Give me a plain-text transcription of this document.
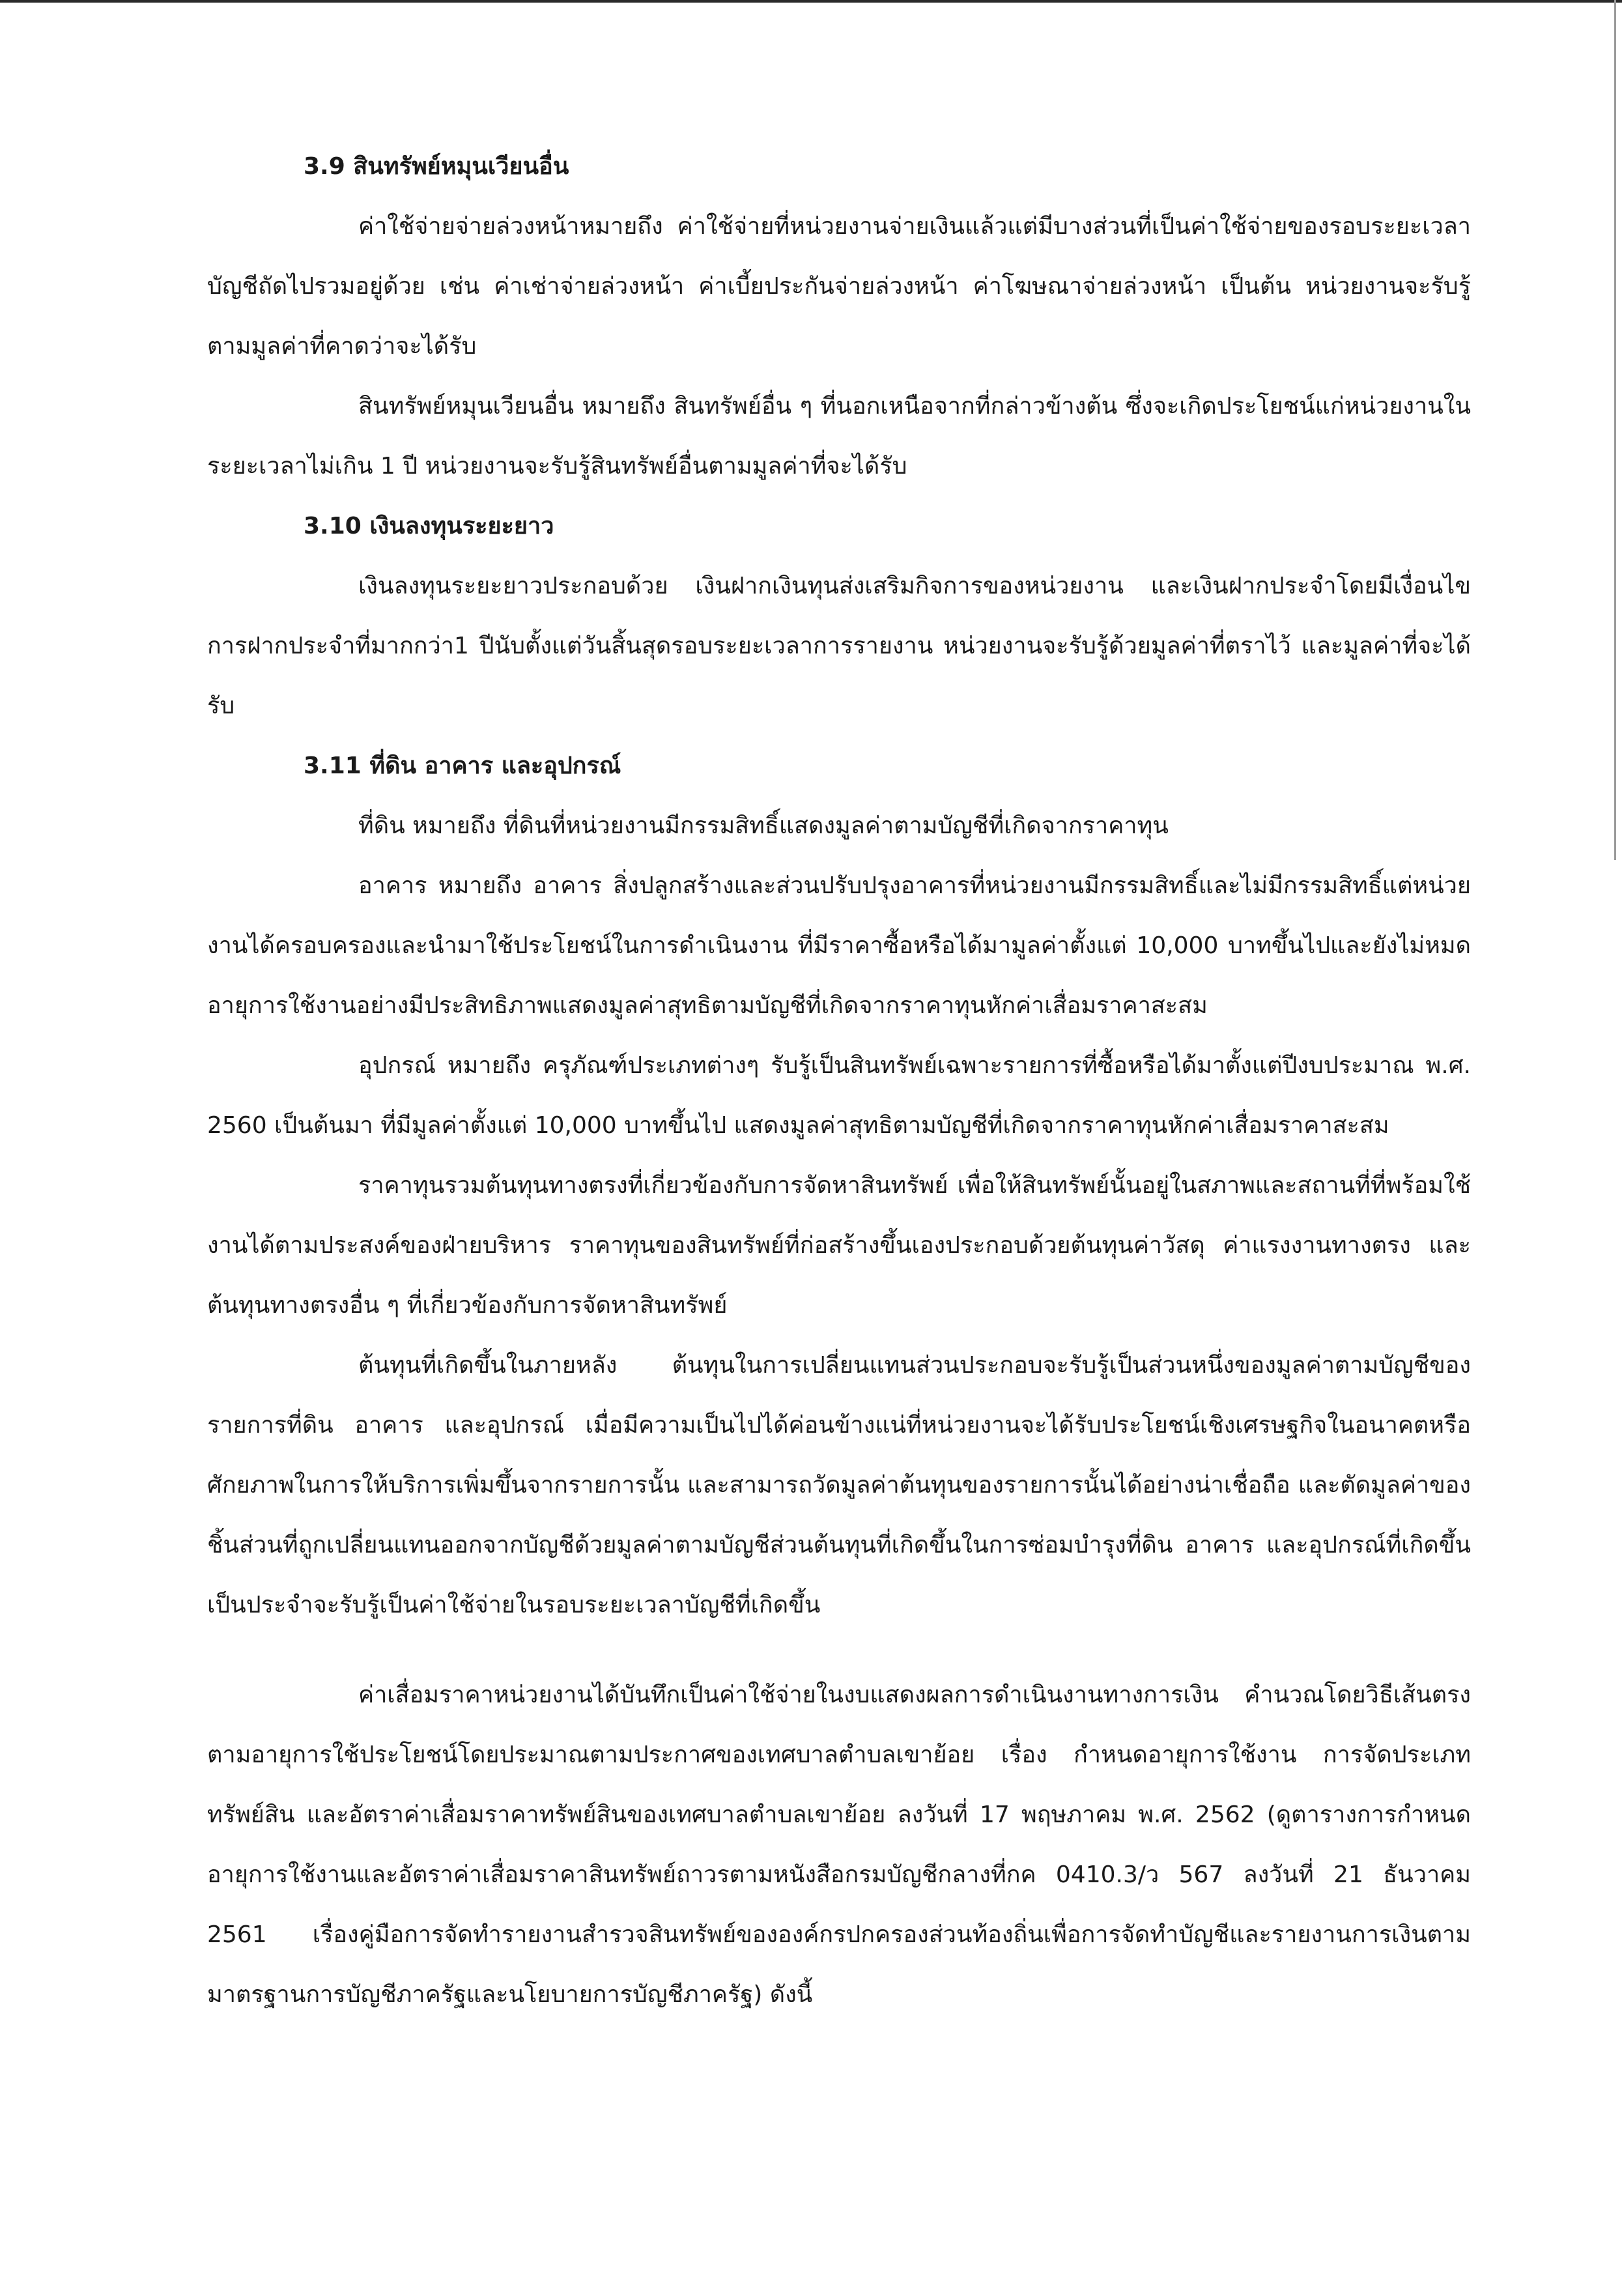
3.9 สินทรัพย์หมุนเวียนอื่น

ค่าใช้จ่ายจ่ายล่วงหน้าหมายถึง ค่าใช้จ่ายที่หน่วยงานจ่ายเงินแล้วแต่มีบางส่วนที่เป็นค่าใช้จ่ายของรอบระยะเวลาบัญชีถัดไปรวมอยู่ด้วย เช่น ค่าเช่าจ่ายล่วงหน้า ค่าเบี้ยประกันจ่ายล่วงหน้า ค่าโฆษณาจ่ายล่วงหน้า เป็นต้น หน่วยงานจะรับรู้ตามมูลค่าที่คาดว่าจะได้รับ

สินทรัพย์หมุนเวียนอื่น หมายถึง สินทรัพย์อื่น ๆ ที่นอกเหนือจากที่กล่าวข้างต้น ซึ่งจะเกิดประโยชน์แก่หน่วยงานในระยะเวลาไม่เกิน 1 ปี หน่วยงานจะรับรู้สินทรัพย์อื่นตามมูลค่าที่จะได้รับ

3.10 เงินลงทุนระยะยาว

เงินลงทุนระยะยาวประกอบด้วย เงินฝากเงินทุนส่งเสริมกิจการของหน่วยงาน และเงินฝากประจำโดยมีเงื่อนไขการฝากประจำที่มากกว่า1 ปีนับตั้งแต่วันสิ้นสุดรอบระยะเวลาการรายงาน หน่วยงานจะรับรู้ด้วยมูลค่าที่ตราไว้ และมูลค่าที่จะได้รับ

3.11 ที่ดิน อาคาร และอุปกรณ์

ที่ดิน หมายถึง ที่ดินที่หน่วยงานมีกรรมสิทธิ์แสดงมูลค่าตามบัญชีที่เกิดจากราคาทุน

อาคาร หมายถึง อาคาร สิ่งปลูกสร้างและส่วนปรับปรุงอาคารที่หน่วยงานมีกรรมสิทธิ์และไม่มีกรรมสิทธิ์แต่หน่วยงานได้ครอบครองและนำมาใช้ประโยชน์ในการดำเนินงาน ที่มีราคาซื้อหรือได้มามูลค่าตั้งแต่ 10,000 บาทขึ้นไปและยังไม่หมดอายุการใช้งานอย่างมีประสิทธิภาพแสดงมูลค่าสุทธิตามบัญชีที่เกิดจากราคาทุนหักค่าเสื่อมราคาสะสม

อุปกรณ์ หมายถึง ครุภัณฑ์ประเภทต่างๆ รับรู้เป็นสินทรัพย์เฉพาะรายการที่ซื้อหรือได้มาตั้งแต่ปีงบประมาณ พ.ศ. 2560 เป็นต้นมา ที่มีมูลค่าตั้งแต่ 10,000 บาทขึ้นไป แสดงมูลค่าสุทธิตามบัญชีที่เกิดจากราคาทุนหักค่าเสื่อมราคาสะสม

ราคาทุนรวมต้นทุนทางตรงที่เกี่ยวข้องกับการจัดหาสินทรัพย์ เพื่อให้สินทรัพย์นั้นอยู่ในสภาพและสถานที่ที่พร้อมใช้งานได้ตามประสงค์ของฝ่ายบริหาร ราคาทุนของสินทรัพย์ที่ก่อสร้างขึ้นเองประกอบด้วยต้นทุนค่าวัสดุ ค่าแรงงานทางตรง และต้นทุนทางตรงอื่น ๆ ที่เกี่ยวข้องกับการจัดหาสินทรัพย์

ต้นทุนที่เกิดขึ้นในภายหลัง ต้นทุนในการเปลี่ยนแทนส่วนประกอบจะรับรู้เป็นส่วนหนึ่งของมูลค่าตามบัญชีของรายการที่ดิน อาคาร และอุปกรณ์ เมื่อมีความเป็นไปได้ค่อนข้างแน่ที่หน่วยงานจะได้รับประโยชน์เชิงเศรษฐกิจในอนาคตหรือศักยภาพในการให้บริการเพิ่มขึ้นจากรายการนั้น และสามารถวัดมูลค่าต้นทุนของรายการนั้นได้อย่างน่าเชื่อถือ และตัดมูลค่าของชิ้นส่วนที่ถูกเปลี่ยนแทนออกจากบัญชีด้วยมูลค่าตามบัญชีส่วนต้นทุนที่เกิดขึ้นในการซ่อมบำรุงที่ดิน อาคาร และอุปกรณ์ที่เกิดขึ้นเป็นประจำจะรับรู้เป็นค่าใช้จ่ายในรอบระยะเวลาบัญชีที่เกิดขึ้น

ค่าเสื่อมราคาหน่วยงานได้บันทึกเป็นค่าใช้จ่ายในงบแสดงผลการดำเนินงานทางการเงิน คำนวณโดยวิธีเส้นตรงตามอายุการใช้ประโยชน์โดยประมาณตามประกาศของเทศบาลตำบลเขาย้อย เรื่อง กำหนดอายุการใช้งาน การจัดประเภททรัพย์สิน และอัตราค่าเสื่อมราคาทรัพย์สินของเทศบาลตำบลเขาย้อย ลงวันที่ 17 พฤษภาคม พ.ศ. 2562 (ดูตารางการกำหนดอายุการใช้งานและอัตราค่าเสื่อมราคาสินทรัพย์ถาวรตามหนังสือกรมบัญชีกลางที่กค 0410.3/ว 567 ลงวันที่ 21 ธันวาคม 2561 เรื่องคู่มือการจัดทำรายงานสำรวจสินทรัพย์ขององค์กรปกครองส่วนท้องถิ่นเพื่อการจัดทำบัญชีและรายงานการเงินตามมาตรฐานการบัญชีภาครัฐและนโยบายการบัญชีภาครัฐ) ดังนี้
